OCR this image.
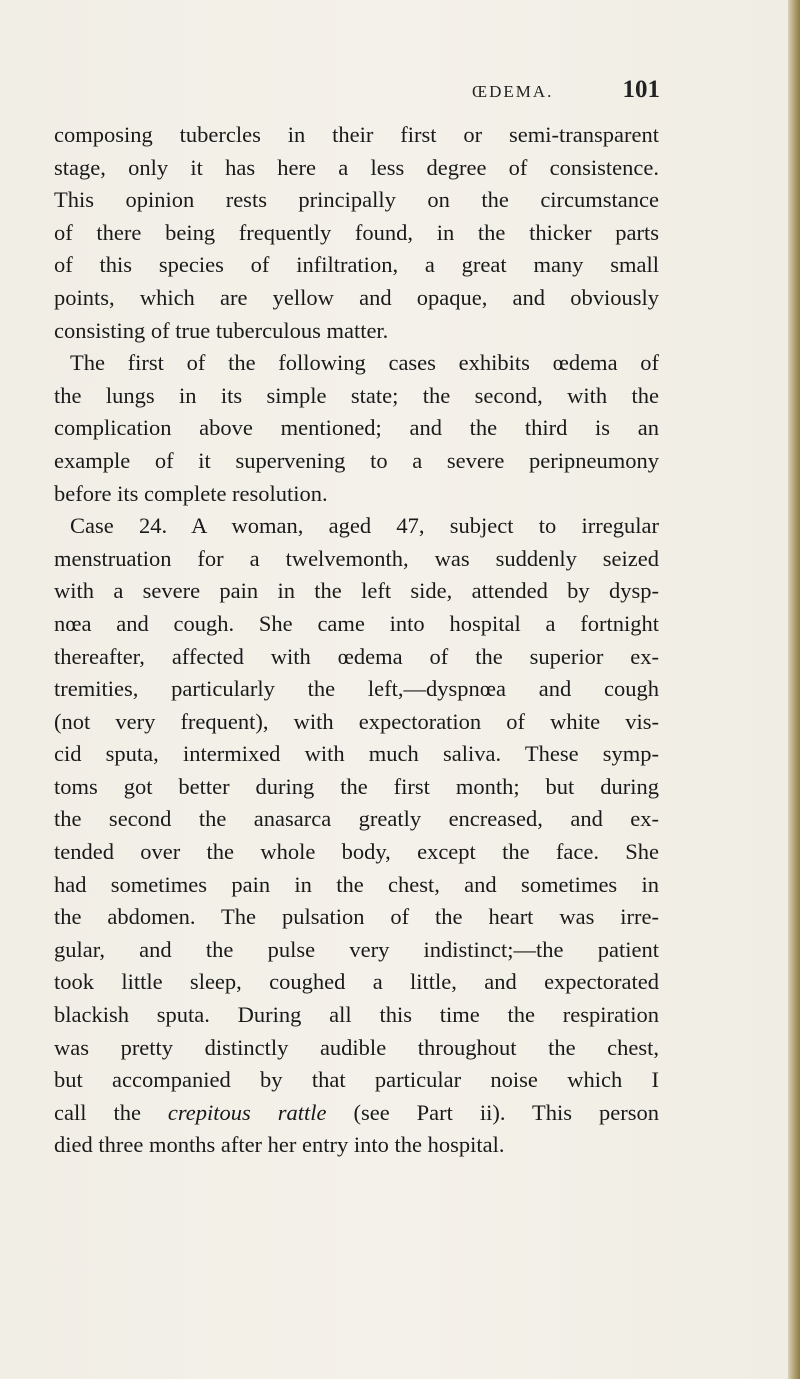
ŒDEMA.	101
composing tubercles in their first or semi-transparent
stage, only it has here a less degree of consistence.
This opinion rests principally on the circumstance
of there being frequently found, in the thicker parts
of this species of infiltration, a great many small
points, which are yellow and opaque, and obviously
consisting of true tuberculous matter.
The first of the following cases exhibits œdema of
the lungs in its simple state; the second, with the
complication above mentioned; and the third is an
example of it supervening to a severe peripneumony
before its complete resolution.
Case 24. A woman, aged 47, subject to irregular
menstruation for a twelvemonth, was suddenly seized
with a severe pain in the left side, attended by dysp-
nœa and cough. She came into hospital a fortnight
thereafter, affected with œdema of the superior ex-
tremities, particularly the left,—dyspnœa and cough
(not very frequent), with expectoration of white vis-
cid sputa, intermixed with much saliva. These symp-
toms got better during the first month; but during
the second the anasarca greatly encreased, and ex-
tended over the whole body, except the face. She
had sometimes pain in the chest, and sometimes in
the abdomen. The pulsation of the heart was irre-
gular, and the pulse very indistinct;—the patient
took little sleep, coughed a little, and expectorated
blackish sputa. During all this time the respiration
was pretty distinctly audible throughout the chest,
but accompanied by that particular noise which I
call the crepitous rattle (see Part ii). This person
died three months after her entry into the hospital.
